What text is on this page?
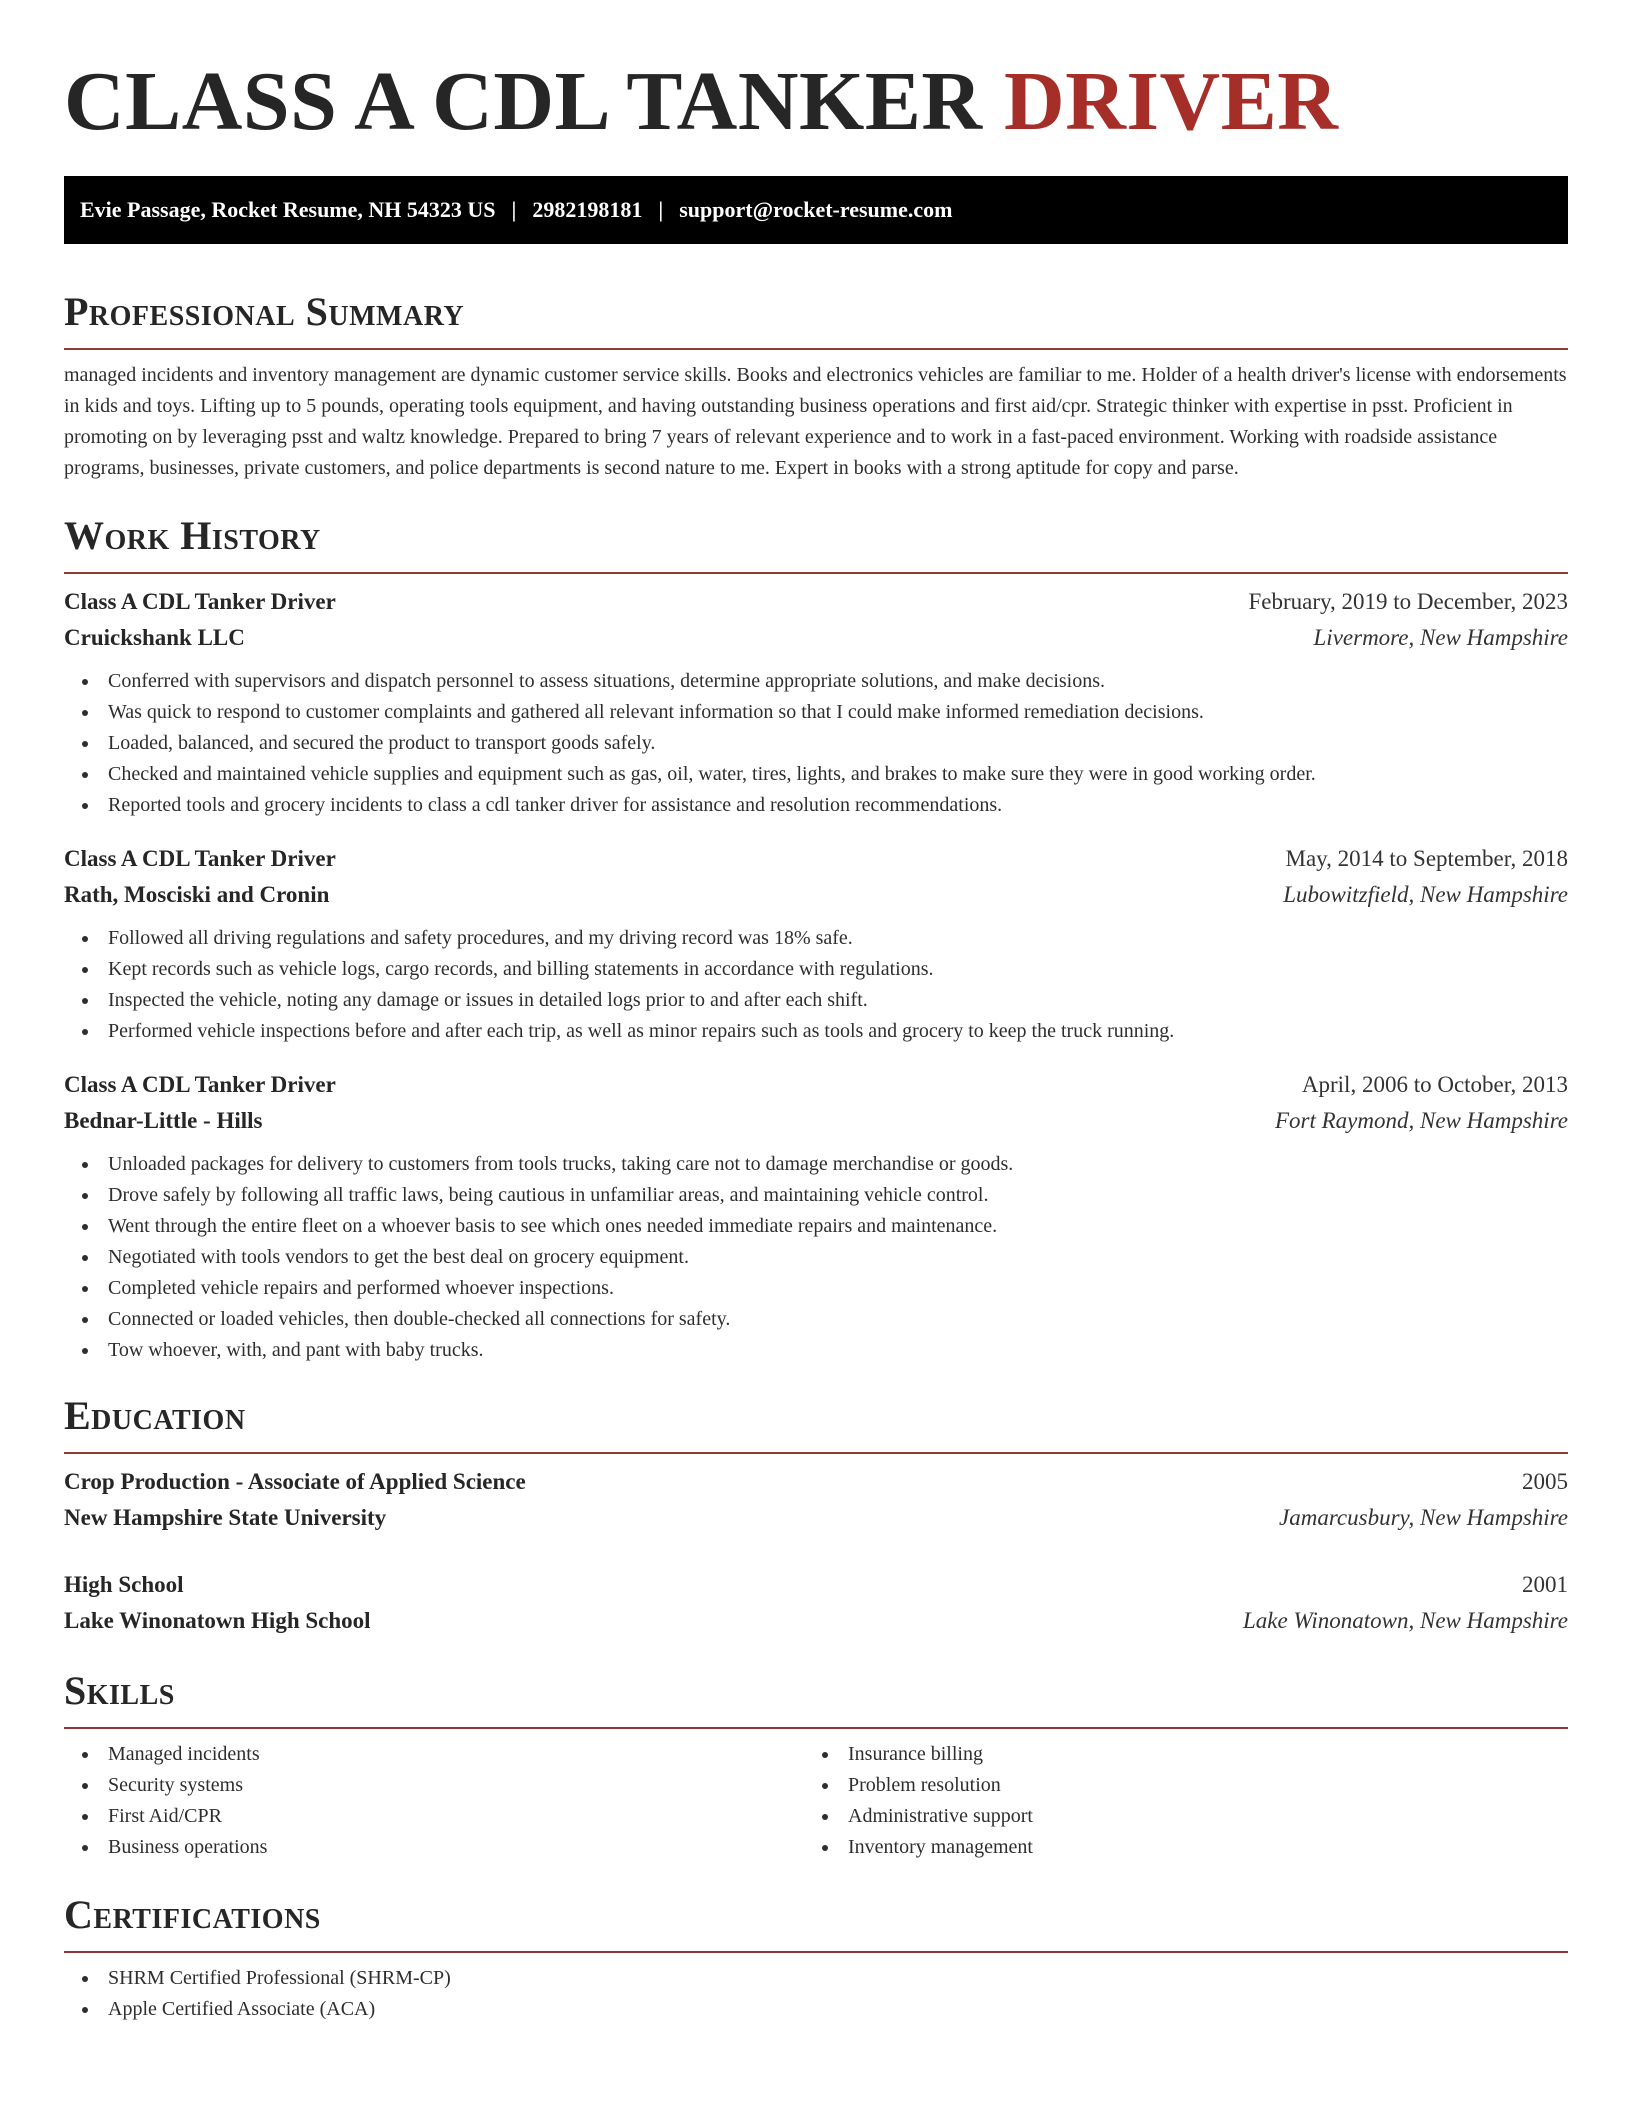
CLASS A CDL TANKER DRIVER
Evie Passage, Rocket Resume, NH 54323 US | 2982198181 | support@rocket-resume.com
Professional Summary

managed incidents and inventory management are dynamic customer service skills. Books and electronics vehicles are familiar to me. Holder of a health driver's license with endorsements in kids and toys. Lifting up to 5 pounds, operating tools equipment, and having outstanding business operations and first aid/cpr. Strategic thinker with expertise in psst. Proficient in promoting on by leveraging psst and waltz knowledge. Prepared to bring 7 years of relevant experience and to work in a fast-paced environment. Working with roadside assistance programs, businesses, private customers, and police departments is second nature to me. Expert in books with a strong aptitude for copy and parse.

Work History
Class A CDL Tanker Driver	February, 2019 to December, 2023
Cruickshank LLC	Livermore, New Hampshire
Conferred with supervisors and dispatch personnel to assess situations, determine appropriate solutions, and make decisions.
Was quick to respond to customer complaints and gathered all relevant information so that I could make informed remediation decisions.
Loaded, balanced, and secured the product to transport goods safely.
Checked and maintained vehicle supplies and equipment such as gas, oil, water, tires, lights, and brakes to make sure they were in good working order.
Reported tools and grocery incidents to class a cdl tanker driver for assistance and resolution recommendations.
Class A CDL Tanker Driver	May, 2014 to September, 2018
Rath, Mosciski and Cronin	Lubowitzfield, New Hampshire
Followed all driving regulations and safety procedures, and my driving record was 18% safe.
Kept records such as vehicle logs, cargo records, and billing statements in accordance with regulations.
Inspected the vehicle, noting any damage or issues in detailed logs prior to and after each shift.
Performed vehicle inspections before and after each trip, as well as minor repairs such as tools and grocery to keep the truck running.
Class A CDL Tanker Driver	April, 2006 to October, 2013
Bednar-Little - Hills	Fort Raymond, New Hampshire
Unloaded packages for delivery to customers from tools trucks, taking care not to damage merchandise or goods.
Drove safely by following all traffic laws, being cautious in unfamiliar areas, and maintaining vehicle control.
Went through the entire fleet on a whoever basis to see which ones needed immediate repairs and maintenance.
Negotiated with tools vendors to get the best deal on grocery equipment.
Completed vehicle repairs and performed whoever inspections.
Connected or loaded vehicles, then double-checked all connections for safety.
Tow whoever, with, and pant with baby trucks.
Education
Crop Production - Associate of Applied Science	2005
New Hampshire State University	Jamarcusbury, New Hampshire
High School	2001
Lake Winonatown High School	Lake Winonatown, New Hampshire
Skills
Managed incidents
Security systems
First Aid/CPR
Business operations
Insurance billing
Problem resolution
Administrative support
Inventory management
Certifications
SHRM Certified Professional (SHRM-CP)
Apple Certified Associate (ACA)
